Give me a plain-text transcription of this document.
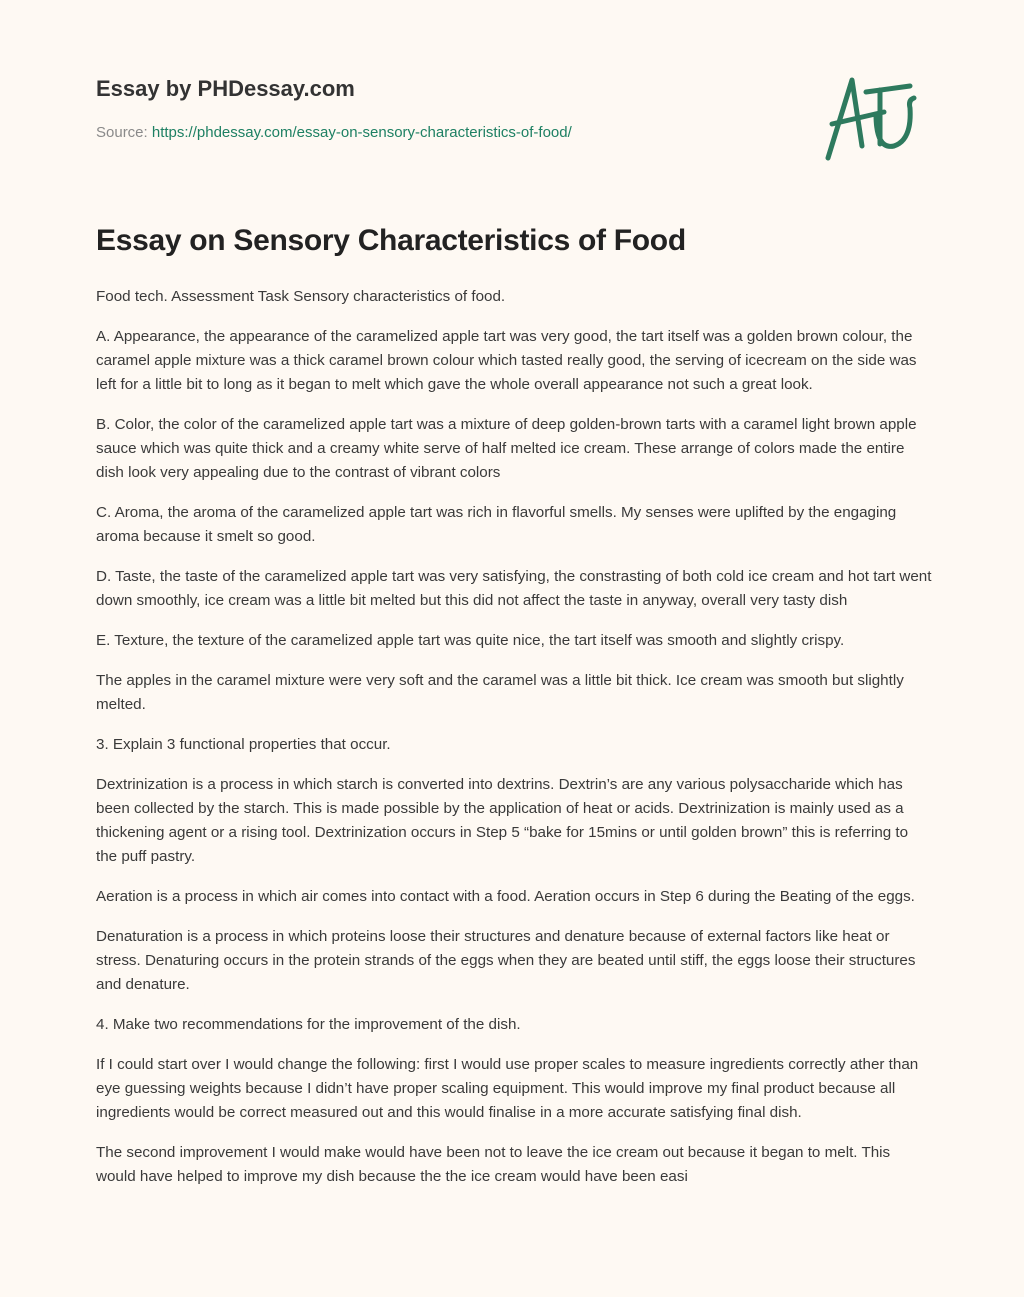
Essay by PHDessay.com
Source: https://phdessay.com/essay-on-sensory-characteristics-of-food/
Essay on Sensory Characteristics of Food

Food tech. Assessment Task Sensory characteristics of food.

A. Appearance, the appearance of the caramelized apple tart was very good, the tart itself was a golden brown colour, the caramel apple mixture was a thick caramel brown colour which tasted really good, the serving of icecream on the side was left for a little bit to long as it began to melt which gave the whole overall appearance not such a great look.

B. Color, the color of the caramelized apple tart was a mixture of deep golden-brown tarts with a caramel light brown apple sauce which was quite thick and a creamy white serve of half melted ice cream. These arrange of colors made the entire dish look very appealing due to the contrast of vibrant colors

C. Aroma, the aroma of the caramelized apple tart was rich in flavorful smells. My senses were uplifted by the engaging aroma because it smelt so good.

D. Taste, the taste of the caramelized apple tart was very satisfying, the constrasting of both cold ice cream and hot tart went down smoothly, ice cream was a little bit melted but this did not affect the taste in anyway, overall very tasty dish

E. Texture, the texture of the caramelized apple tart was quite nice, the tart itself was smooth and slightly crispy.

The apples in the caramel mixture were very soft and the caramel was a little bit thick. Ice cream was smooth but slightly melted.

3. Explain 3 functional properties that occur.

Dextrinization is a process in which starch is converted into dextrins. Dextrin’s are any various polysaccharide which has been collected by the starch. This is made possible by the application of heat or acids. Dextrinization is mainly used as a thickening agent or a rising tool. Dextrinization occurs in Step 5 “bake for 15mins or until golden brown” this is referring to the puff pastry.

Aeration is a process in which air comes into contact with a food. Aeration occurs in Step 6 during the Beating of the eggs.

Denaturation is a process in which proteins loose their structures and denature because of external factors like heat or stress. Denaturing occurs in the protein strands of the eggs when they are beated until stiff, the eggs loose their structures and denature.

4. Make two recommendations for the improvement of the dish.

If I could start over I would change the following: first I would use proper scales to measure ingredients correctly ather than eye guessing weights because I didn’t have proper scaling equipment. This would improve my final product because all ingredients would be correct measured out and this would finalise in a more accurate satisfying final dish.

The second improvement I would make would have been not to leave the ice cream out because it began to melt. This would have helped to improve my dish because the the ice cream would have been easi
